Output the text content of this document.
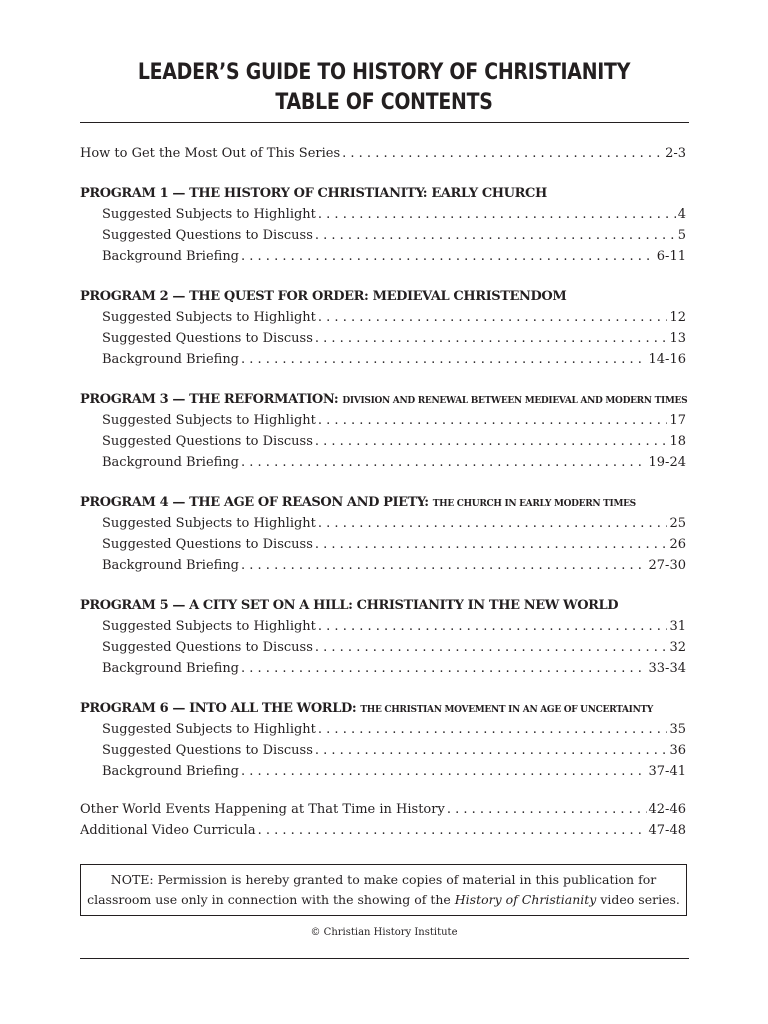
LEADER’S GUIDE TO HISTORY OF CHRISTIANITY
TABLE OF CONTENTS
How to Get the Most Out of This Series . . .	2-3
PROGRAM 1 — THE HISTORY OF CHRISTIANITY: EARLY CHURCH
Suggested Subjects to Highlight . . .	4
Suggested Questions to Discuss . . .	5
Background Briefing . . .	6-11
PROGRAM 2 — THE QUEST FOR ORDER: MEDIEVAL CHRISTENDOM
Suggested Subjects to Highlight . . .	12
Suggested Questions to Discuss . . .	13
Background Briefing . . .	14-16
PROGRAM 3 — THE REFORMATION: DIVISION AND RENEWAL BETWEEN MEDIEVAL AND MODERN TIMES
Suggested Subjects to Highlight . . .	17
Suggested Questions to Discuss . . .	18
Background Briefing . . .	19-24
PROGRAM 4 — THE AGE OF REASON AND PIETY: THE CHURCH IN EARLY MODERN TIMES
Suggested Subjects to Highlight . . .	25
Suggested Questions to Discuss . . .	26
Background Briefing . . .	27-30
PROGRAM 5 — A CITY SET ON A HILL: CHRISTIANITY IN THE NEW WORLD
Suggested Subjects to Highlight . . .	31
Suggested Questions to Discuss . . .	32
Background Briefing . . .	33-34
PROGRAM 6 — INTO ALL THE WORLD: THE CHRISTIAN MOVEMENT IN AN AGE OF UNCERTAINTY
Suggested Subjects to Highlight . . .	35
Suggested Questions to Discuss . . .	36
Background Briefing . . .	37-41
Other World Events Happening at That Time in History . . .	42-46
Additional Video Curricula . . .	47-48
NOTE: Permission is hereby granted to make copies of material in this publication for classroom use only in connection with the showing of the History of Christianity video series.
© Christian History Institute
